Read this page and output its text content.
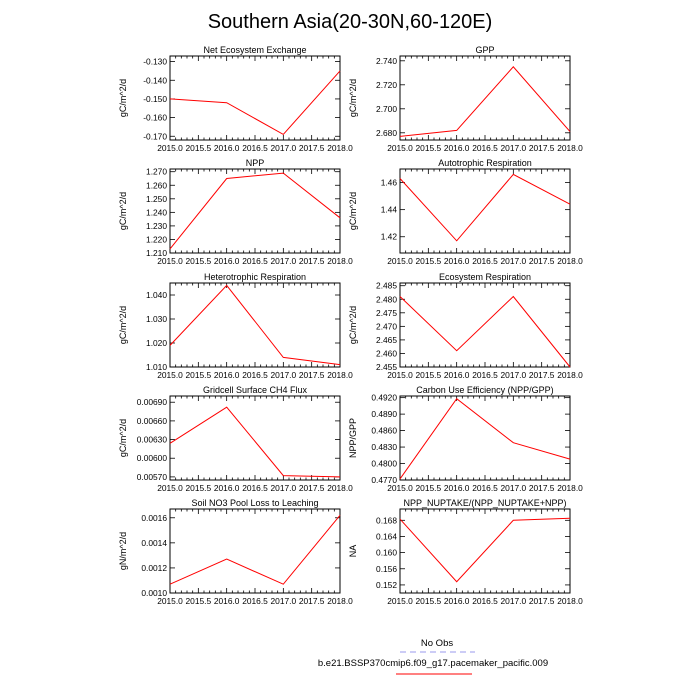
Southern Asia(20-30N,60-120E)
Net Ecosystem Exchange
gC/m^2/d
2015.0 2015.5 2016.0 2016.5 2017.0 2017.5 2018.0
-0.170
-0.160
-0.150
-0.140
-0.130
GPP
gC/m^2/d
2015.0 2015.5 2016.0 2016.5 2017.0 2017.5 2018.0
2.680
2.700
2.720
2.740
NPP
gC/m^2/d
2015.0 2015.5 2016.0 2016.5 2017.0 2017.5 2018.0
1.210
1.220
1.230
1.240
1.250
1.260
1.270
Autotrophic Respiration
gC/m^2/d
2015.0 2015.5 2016.0 2016.5 2017.0 2017.5 2018.0
1.42
1.44
1.46
Heterotrophic Respiration
gC/m^2/d
2015.0 2015.5 2016.0 2016.5 2017.0 2017.5 2018.0
1.010
1.020
1.030
1.040
Ecosystem Respiration
gC/m^2/d
2015.0 2015.5 2016.0 2016.5 2017.0 2017.5 2018.0
2.455
2.460
2.465
2.470
2.475
2.480
2.485
Gridcell Surface CH4 Flux
gC/m^2/d
2015.0 2015.5 2016.0 2016.5 2017.0 2017.5 2018.0
0.00570
0.00600
0.00630
0.00660
0.00690
Carbon Use Efficiency (NPP/GPP)
NPP/GPP
2015.0 2015.5 2016.0 2016.5 2017.0 2017.5 2018.0
0.4770
0.4800
0.4830
0.4860
0.4890
0.4920
Soil NO3 Pool Loss to Leaching
gN/m^2/d
2015.0 2015.5 2016.0 2016.5 2017.0 2017.5 2018.0
0.0010
0.0012
0.0014
0.0016
NPP_NUPTAKE/(NPP_NUPTAKE+NPP)
NA
2015.0 2015.5 2016.0 2016.5 2017.0 2017.5 2018.0
0.152
0.156
0.160
0.164
0.168
No Obs
b.e21.BSSP370cmip6.f09_g17.pacemaker_pacific.009
